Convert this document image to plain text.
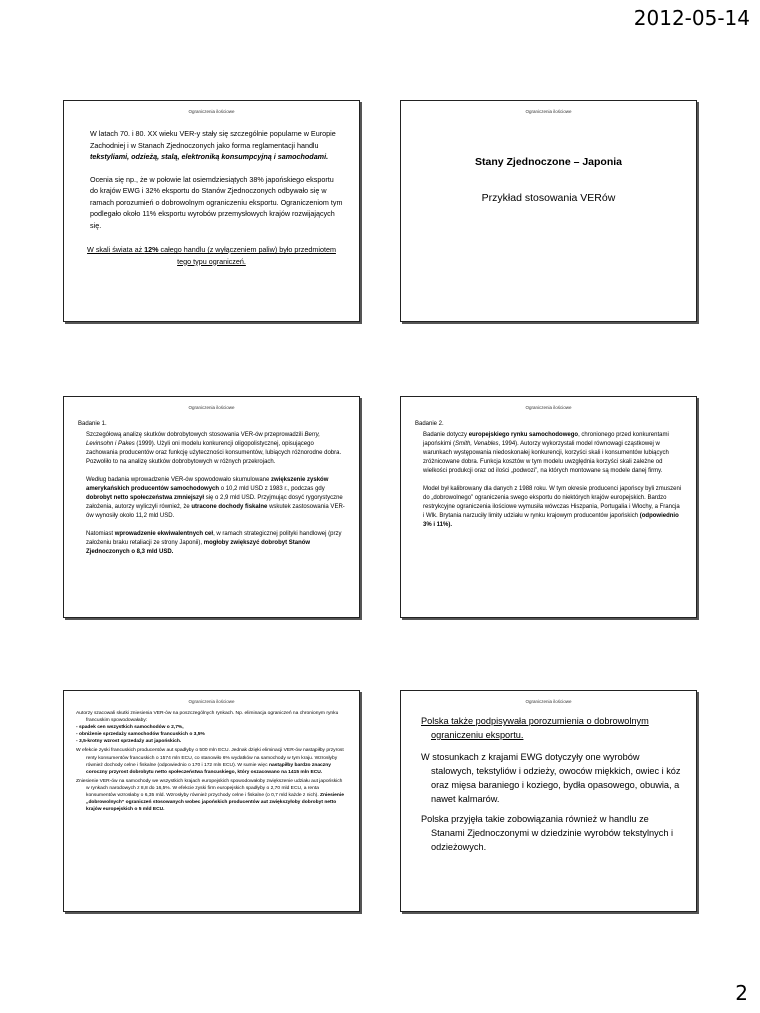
2012-05-14
Ograniczenia ilościowe

W latach 70. i 80. XX wieku VER-y stały się szczególnie popularne w Europie Zachodniej i w Stanach Zjednoczonych jako forma reglamentacji handlu tekstyliami, odzieżą, stalą, elektroniką konsumpcyjną i samochodami.

Ocenia się np., że w połowie lat osiemdziesiątych 38% japońskiego eksportu do krajów EWG i 32% eksportu do Stanów Zjednoczonych odbywało się w ramach porozumień o dobrowolnym ograniczeniu eksportu. Ograniczeniom tym podlegało około 11% eksportu wyrobów przemysłowych krajów rozwijających się.

W skali świata aż 12% całego handlu (z wyłączeniem paliw) było przedmiotem tego typu ograniczeń.

Ograniczenia ilościowe
Stany Zjednoczone – Japonia
Przykład stosowania VERów
Ograniczenia ilościowe

Badanie 1.

Szczegółową analizę skutków dobrobytowych stosowania VER-ów przeprowadzili Berry, Levinsohn i Pakes (1999). Użyli oni modelu konkurencji oligopolistycznej, opisującego zachowania producentów oraz funkcję użyteczności konsumentów, lubiących różnorodne dobra. Pozwoliło to na analizę skutków dobrobytowych w różnych przekrojach.

Według badania wprowadzenie VER-ów spowodowało skumulowane zwiększenie zysków amerykańskich producentów samochodowych o 10,2 mld USD z 1983 r., podczas gdy dobrobyt netto społeczeństwa zmniejszył się o 2,9 mld USD. Przyjmując dosyć rygorystyczne założenia, autorzy wyliczyli również, że utracone dochody fiskalne wskutek zastosowania VER-ów wynosiły około 11,2 mld USD.

Natomiast wprowadzenie ekwiwalentnych ceł, w ramach strategicznej polityki handlowej (przy założeniu braku retaliacji ze strony Japonii), mogłoby zwiększyć dobrobyt Stanów Zjednoczonych o 8,3 mld USD.

Ograniczenia ilościowe

Badanie 2.

Badanie dotyczy europejskiego rynku samochodowego, chronionego przed konkurentami japońskimi (Smith, Venables, 1994). Autorzy wykorzystali model równowagi cząstkowej w warunkach występowania niedoskonałej konkurencji, korzyści skali i konsumentów lubiących zróżnicowane dobra. Funkcja kosztów w tym modelu uwzględnia korzyści skali zależne od wielkości produkcji oraz od ilości „podwozi”, na których montowane są modele danej firmy.

Model był kalibrowany dla danych z 1988 roku. W tym okresie producenci japońscy byli zmuszeni do „dobrowolnego” ograniczenia swego eksportu do niektórych krajów europejskich. Bardzo restrykcyjne ograniczenia ilościowe wymusiła wówczas Hiszpania, Portugalia i Włochy, a Francja i Wlk. Brytania narzuciły limity udziału w rynku krajowym producentów japońskich (odpowiednio 3% i 11%).

Ograniczenia ilościowe

Autorzy szacowali skutki zniesienia VER-ów na poszczególnych rynkach. Np. eliminacja ograniczeń na chronionym rynku francuskim spowodowałaby:

- spadek cen wszystkich samochodów o 2,7%,

- obniżenie sprzedaży samochodów francuskich o 3,5%

- 3,5-krotny wzrost sprzedaży aut japońskich.

W efekcie zyski francuskich producentów aut spadłyby o 500 mln ECU. Jednak dzięki eliminacji VER-ów nastąpiłby przyrost renty konsumentów francuskich o 1574 mln ECU, co stanowiło 6% wydatków na samochody w tym kraju. Wzrosłyby również dochody celne i fiskalne (odpowiednio o 170 i 172 mln ECU). W sumie więc nastąpiłby bardzo znaczny coroczny przyrost dobrobytu netto społeczeństwa francuskiego, który oszacowano na 1415 mln ECU.

Zniesienie VER-ów na samochody we wszystkich krajach europejskich spowodowałoby zwiększenie udziału aut japońskich w rynkach narodowych z 8,8 do 16,5%. W efekcie zyski firm europejskich spadłyby o 2,70 mld ECU, a renta konsumentów wzrosłaby o 6,35 mld. Wzrosłyby również przychody celne i fiskalne (o 0,7 mld każde z nich). Zniesienie „dobrowolnych” ograniczeń stosowanych wobec japońskich producentów aut zwiększyłoby dobrobyt netto krajów europejskich o 5 mld ECU.

Ograniczenia ilościowe

Polska także podpisywała porozumienia o dobrowolnym ograniczeniu eksportu.

W stosunkach z krajami EWG dotyczyły one wyrobów stalowych, tekstyliów i odzieży, owoców miękkich, owiec i kóz oraz mięsa baraniego i koziego, bydła opasowego, obuwia, a nawet kalmarów.

Polska przyjęła takie zobowiązania również w handlu ze Stanami Zjednoczonymi w dziedzinie wyrobów tekstylnych i odzieżowych.

2
